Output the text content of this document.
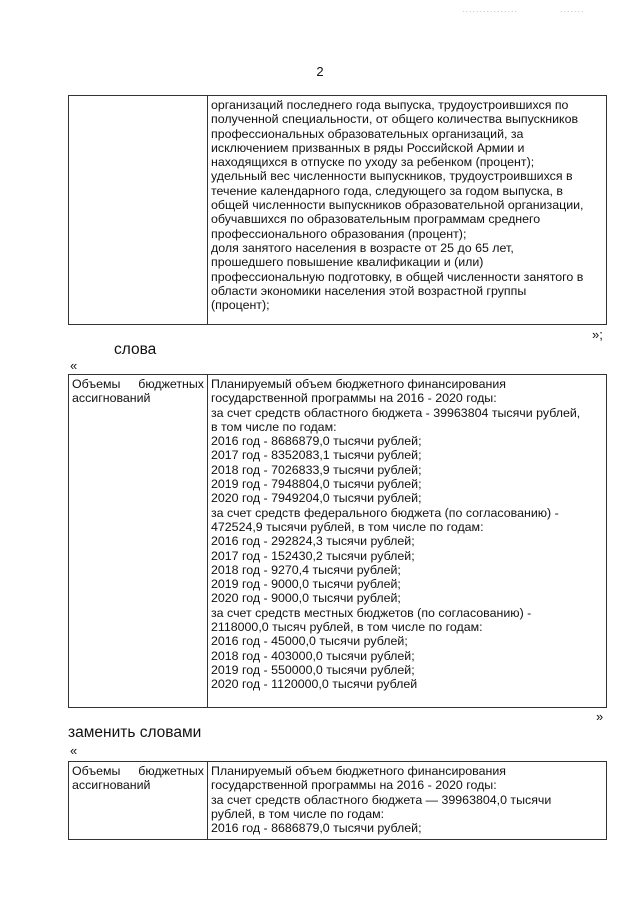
................	.......
2
организаций последнего года выпуска, трудоустроившихся по
полученной специальности, от общего количества выпускников
профессиональных образовательных организаций, за
исключением призванных в ряды Российской Армии и
находящихся в отпуске по уходу за ребенком (процент);
удельный вес численности выпускников, трудоустроившихся в
течение календарного года, следующего за годом выпуска, в
общей численности выпускников образовательной организации,
обучавшихся по образовательным программам среднего
профессионального образования (процент);
доля занятого населения в возрасте от 25 до 65 лет,
прошедшего повышение квалификации и (или)
профессиональную подготовку, в общей численности занятого в
области экономики населения этой возрастной группы
(процент);
»;
слова
«
Объемы бюджетных
ассигнований
Планируемый объем бюджетного финансирования
государственной программы на 2016 - 2020 годы:
за счет средств областного бюджета - 39963804 тысячи рублей,
в том числе по годам:
2016 год - 8686879,0 тысячи рублей;
2017 год - 8352083,1 тысячи рублей;
2018 год - 7026833,9 тысячи рублей;
2019 год - 7948804,0 тысячи рублей;
2020 год - 7949204,0 тысячи рублей;
за счет средств федерального бюджета (по согласованию) -
472524,9 тысячи рублей, в том числе по годам:
2016 год - 292824,3 тысячи рублей;
2017 год - 152430,2 тысячи рублей;
2018 год - 9270,4 тысячи рублей;
2019 год - 9000,0 тысячи рублей;
2020 год - 9000,0 тысячи рублей;
за счет средств местных бюджетов (по согласованию) -
2118000,0 тысяч рублей, в том числе по годам:
2016 год - 45000,0 тысячи рублей;
2018 год - 403000,0 тысячи рублей;
2019 год - 550000,0 тысячи рублей;
2020 год - 1120000,0 тысячи рублей
»
заменить словами
«
Объемы бюджетных
ассигнований
Планируемый объем бюджетного финансирования
государственной программы на 2016 - 2020 годы:
за счет средств областного бюджета — 39963804,0 тысячи
рублей, в том числе по годам:
2016 год - 8686879,0 тысячи рублей;
